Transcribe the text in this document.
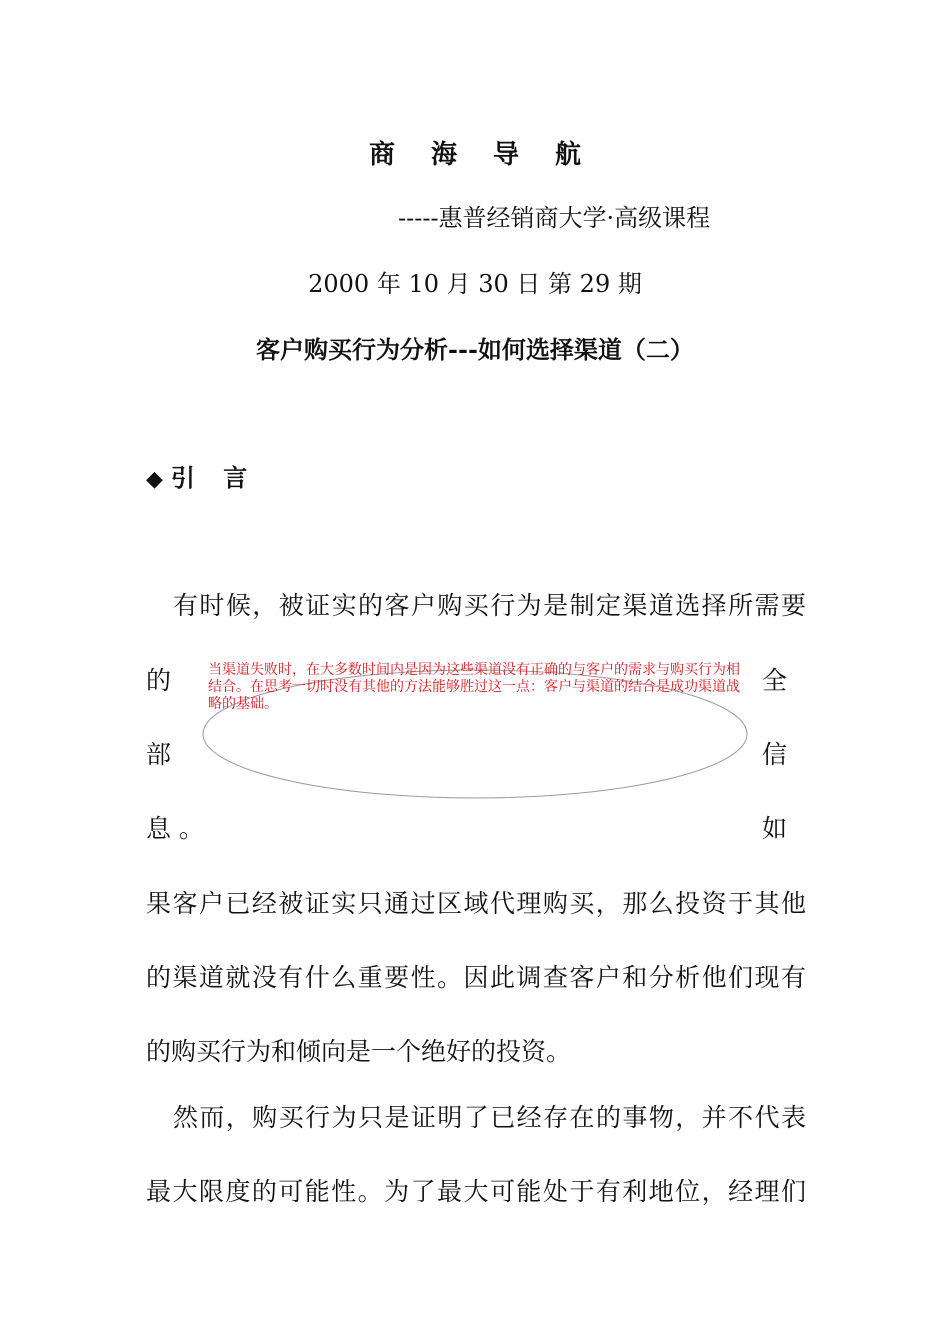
商海导航
-----惠普经销商大学·高级课程
2000 年 10 月 30 日 第 29 期
客户购买行为分析---如何选择渠道（二）
◆引 言
有时候，被证实的客户购买行为是制定渠道选择所需要
的	全
部	信
息 。	如
当渠道失败时，在大多数时间内是因为这些渠道没有正确的与客户的需求与购买行为相结合。在思考一切时没有其他的方法能够胜过这一点：客户与渠道的结合是成功渠道战略的基础。
果客户已经被证实只通过区域代理购买，那么投资于其他
的渠道就没有什么重要性。因此调查客户和分析他们现有
的购买行为和倾向是一个绝好的投资。
然而，购买行为只是证明了已经存在的事物，并不代表
最大限度的可能性。为了最大可能处于有利地位，经理们
